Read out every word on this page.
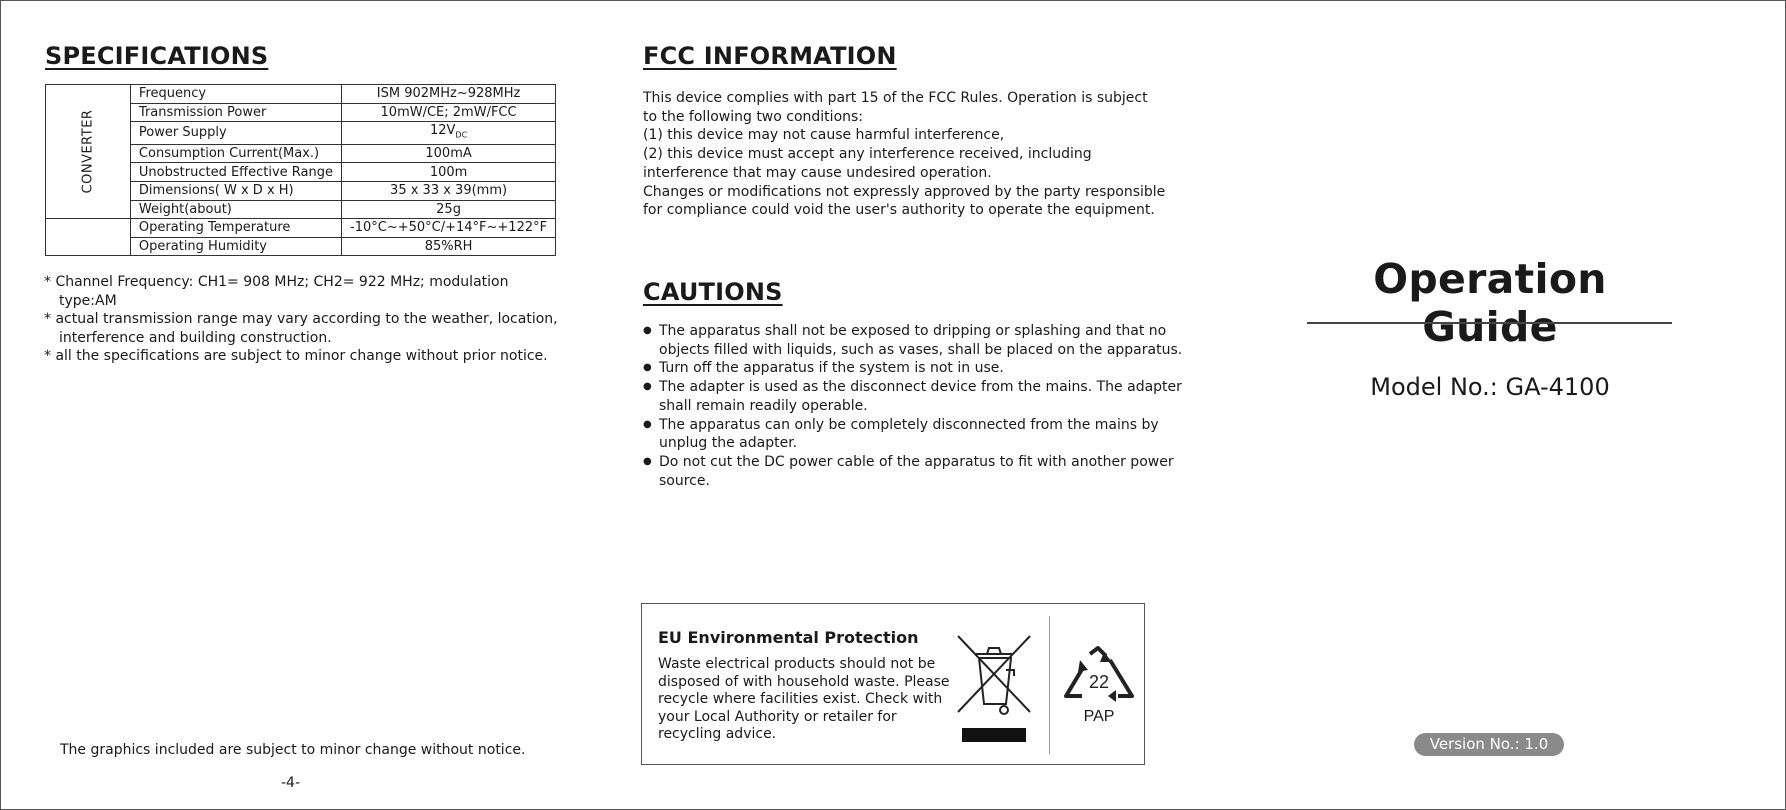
SPECIFICATIONS
CONVERTER	Frequency	ISM 902MHz~928MHz
	Transmission Power	10mW/CE; 2mW/FCC
	Power Supply	$12V_{DC}$
	Consumption Current(Max.)	100mA
	Unobstructed Effective Range	100m
	Dimensions( W x D x H)	35 x 33 x 39(mm)
	Weight(about)	25g
	Operating Temperature	-10°C~+50°C/+14°F~+122°F
	Operating Humidity	85%RH

* Channel Frequency: CH1= 908 MHz; CH2= 922 MHz; modulation type:AM

* actual transmission range may vary according to the weather, location, interference and building construction.

* all the specifications are subject to minor change without prior notice.

The graphics included are subject to minor change without notice.
-4-
FCC INFORMATION
This device complies with part 15 of the FCC Rules. Operation is subject
to the following two conditions:
(1) this device may not cause harmful interference,
(2) this device must accept any interference received, including
interference that may cause undesired operation.
Changes or modifications not expressly approved by the party responsible
for compliance could void the user's authority to operate the equipment.
CAUTIONS
● The apparatus shall not be exposed to dripping or splashing and that no objects filled with liquids, such as vases, shall be placed on the apparatus.
● Turn off the apparatus if the system is not in use.
● The adapter is used as the disconnect device from the mains. The adapter shall remain readily operable.
● The apparatus can only be completely disconnected from the mains by unplug the adapter.
● Do not cut the DC power cable of the apparatus to fit with another power source.
EU Environmental Protection
Waste electrical products should not be disposed of with household waste. Please recycle where facilities exist. Check with your Local Authority or retailer for recycling advice.
22
PAP
Operation Guide
Model No.: GA-4100
Version No.: 1.0
